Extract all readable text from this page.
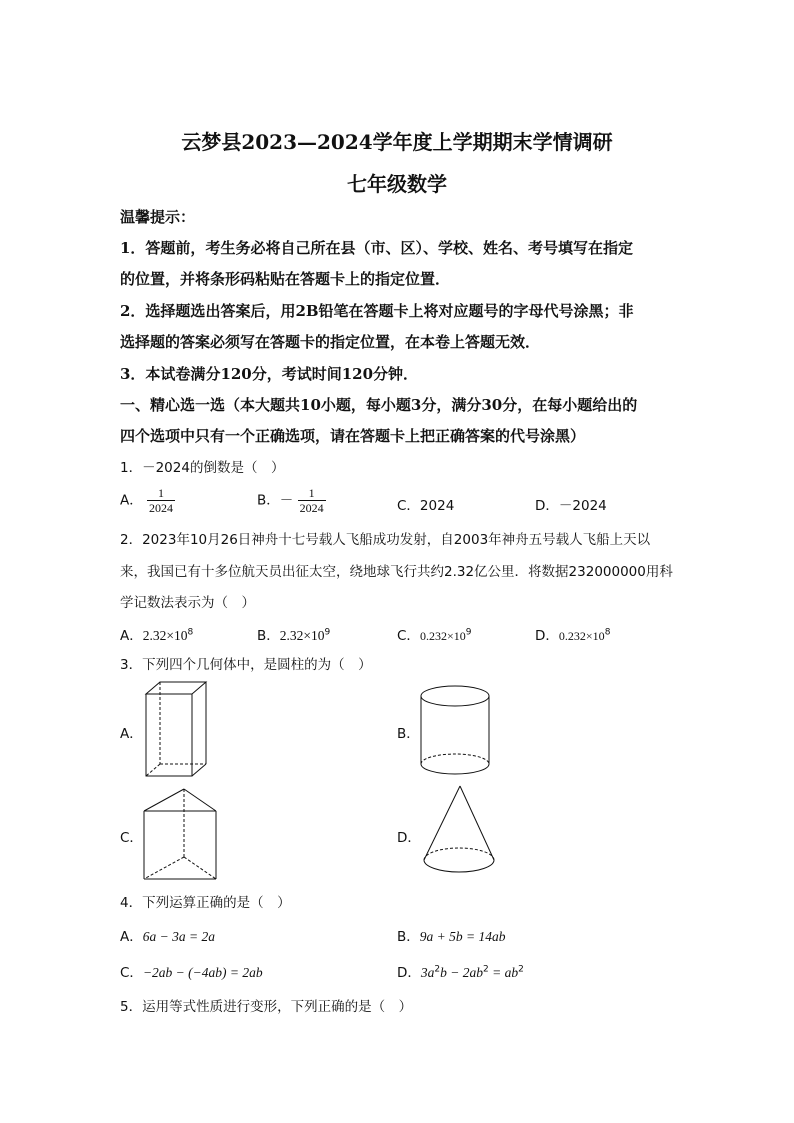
云梦县2023—2024学年度上学期期末学情调研
七年级数学
温馨提示：
1．答题前，考生务必将自己所在县（市、区）、学校、姓名、考号填写在指定
的位置，并将条形码粘贴在答题卡上的指定位置．
2．选择题选出答案后，用2B铅笔在答题卡上将对应题号的字母代号涂黑；非
选择题的答案必须写在答题卡的指定位置，在本卷上答题无效．
3．本试卷满分120分，考试时间120分钟．
一、精心选一选（本大题共10小题，每小题3分，满分30分，在每小题给出的
四个选项中只有一个正确选项，请在答题卡上把正确答案的代号涂黑）
1．－2024的倒数是（　）
A． $\frac{1}{2024}$	B．－ $\frac{1}{2024}$	C．2024	D．－2024
2．2023年10月26日神舟十七号载人飞船成功发射，自2003年神舟五号载人飞船上天以
来，我国已有十多位航天员出征太空，绕地球飞行共约2.32亿公里．将数据232000000用科
学记数法表示为（　）
A．$2.32\times 10^8$	B．$2.32\times 10^9$	C．$0.232\times 10^9$	D．$0.232\times 10^8$
3．下列四个几何体中，是圆柱的为（　）
A．	B．
C．	D．
4．下列运算正确的是（　）
A．6a − 3a = 2a	B．9a + 5b = 14ab
C．−2ab − (−4ab) = 2ab	D．$3a^2b - 2ab^2 = ab^2$
5．运用等式性质进行变形，下列正确的是（　）
